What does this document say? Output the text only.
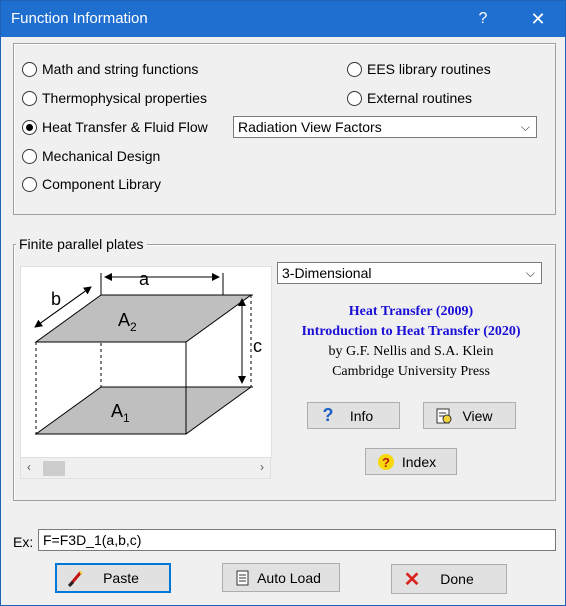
Function Information	?	✕
Math and string functions
Thermophysical properties
Heat Transfer & Fluid Flow
Mechanical Design
Component Library
EES library routines
External routines
Radiation View Factors	⌵
Finite parallel plates
a
b
c
$A_2$
$A_1$
‹	›
3-Dimensional	⌵
Heat Transfer (2009)
Introduction to Heat Transfer (2020)
by G.F. Nellis and S.A. Klein
Cambridge University Press
?	Info	View
? Index
Ex: F=F3D_1(a,b,c)
Paste	Auto Load	✕	Done
